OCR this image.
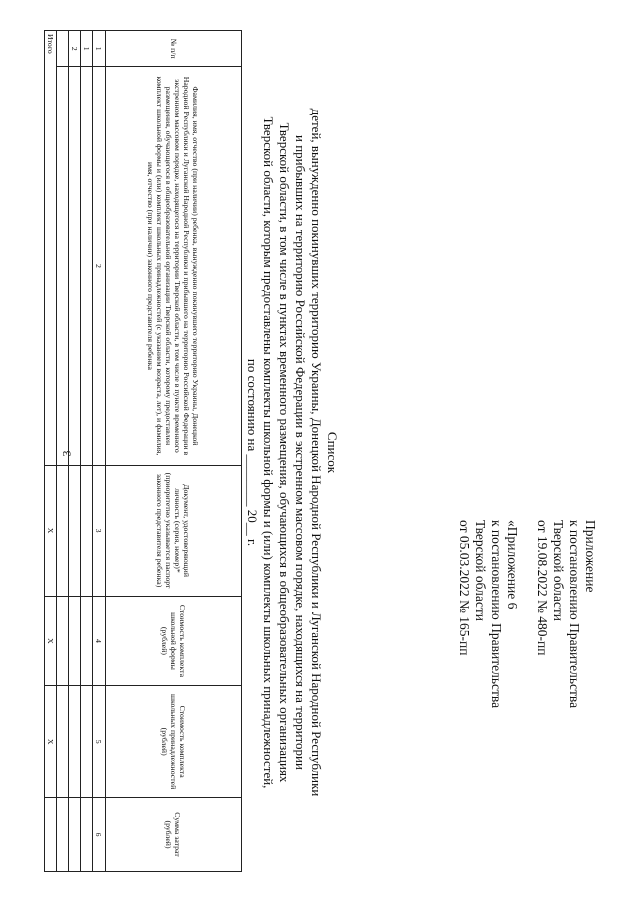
3
Приложение
к постановлению Правительства
Тверской области
от 19.08.2022 № 480-пп
«Приложение 6
к постановлению Правительства
Тверской области
от 05.03.2022 № 165-пп
Список
детей, вынужденно покинувших территорию Украины, Донецкой Народной Республики и Луганской Народной Республики
и прибывших на территорию Российской Федерации в экстренном массовом порядке, находящихся на территории
Тверской области, в том числе в пунктах временного размещения, обучающихся в общеобразовательных организациях
Тверской области, которым предоставлены комплекты школьной формы и (или) комплекты школьных принадлежностей,
по состоянию на ________ 20__ г.
№ п/п	Фамилия, имя, отчество (при наличии) ребенка, вынужденно покинувшего территорию Украины, Донецкой Народной Республики и Луганской Народной Республики и прибывшего на территорию Российской Федерации в экстренном массовом порядке, находящегося на территории Тверской области, в том числе в пункте временного размещения, обучающегося в общеобразовательной организации Тверской области, которому предоставлен комплект школьной формы и (или) комплект школьных принадлежностей (с указанием возраста, лет), и фамилия, имя, отчество (при наличии) законного представителя ребенка	Документ, удостоверяющий личность (серия, номер)* (приоритетно указывается паспорт законного представителя ребенка)	Стоимость комплекта школьной формы (рублей)	Стоимость комплекта школьных принадлежностей (рублей)	Сумма затрат (рублей)
1	2	3	4	5	6
1					
2					

Итого		X	X	X	
